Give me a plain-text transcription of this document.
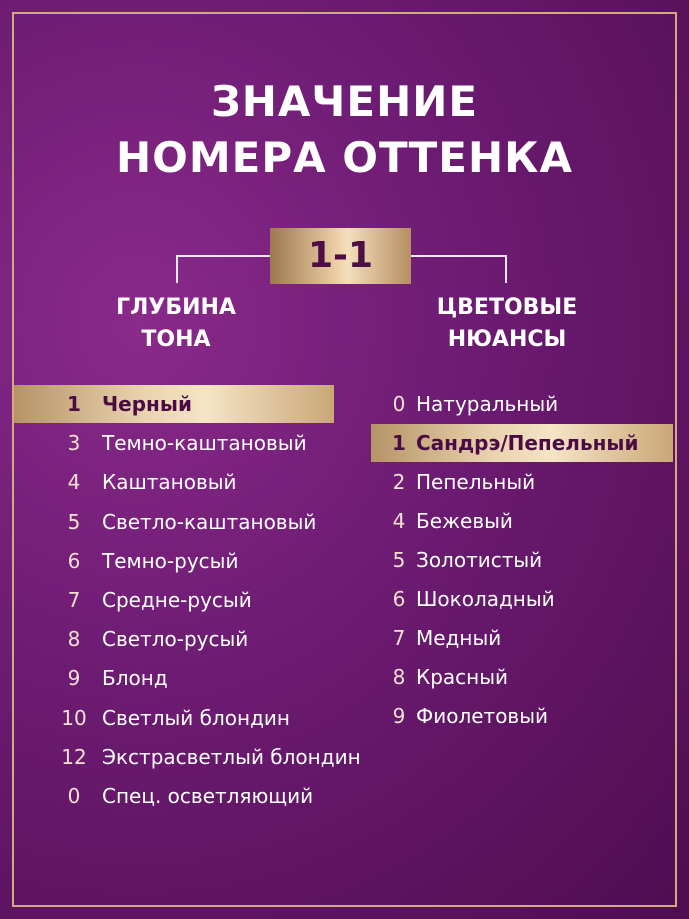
ЗНАЧЕНИЕ
НОМЕРА ОТТЕНКА
1-1
ГЛУБИНА
ТОНА
ЦВЕТОВЫЕ
НЮАНСЫ
1	Черный
3	Темно-каштановый
4	Каштановый
5	Светло-каштановый
6	Темно-русый
7	Средне-русый
8	Светло-русый
9	Блонд
10 Светлый блондин
12 Экстрасветлый блондин
0	Спец. осветляющий
0 Натуральный
1 Сандрэ/Пепельный
2 Пепельный
4 Бежевый
5 Золотистый
6 Шоколадный
7 Медный
8 Красный
9 Фиолетовый
